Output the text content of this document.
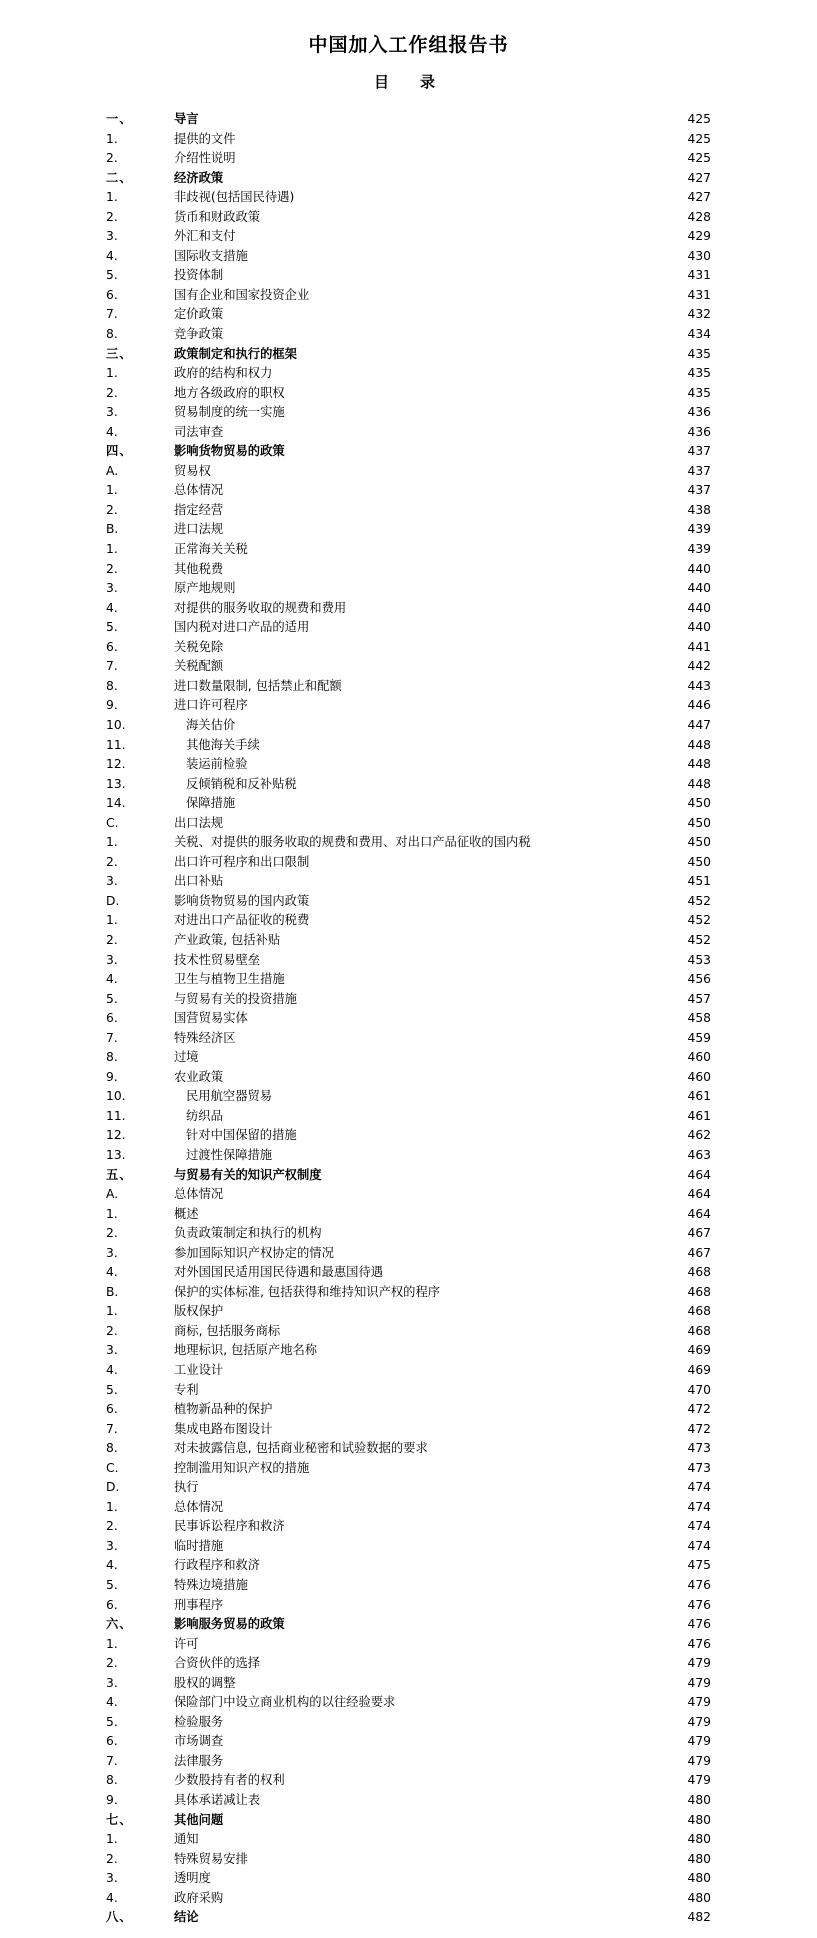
中国加入工作组报告书
目　录
一、	导言	425
1.	提供的文件	425
2.	介绍性说明	425
二、	经济政策	427
1.	非歧视(包括国民待遇)	427
2.	货币和财政政策	428
3.	外汇和支付	429
4.	国际收支措施	430
5.	投资体制	431
6.	国有企业和国家投资企业	431
7.	定价政策	432
8.	竞争政策	434
三、	政策制定和执行的框架	435
1.	政府的结构和权力	435
2.	地方各级政府的职权	435
3.	贸易制度的统一实施	436
4.	司法审查	436
四、	影响货物贸易的政策	437
A.	贸易权	437
1.	总体情况	437
2.	指定经营	438
B.	进口法规	439
1.	正常海关关税	439
2.	其他税费	440
3.	原产地规则	440
4.	对提供的服务收取的规费和费用	440
5.	国内税对进口产品的适用	440
6.	关税免除	441
7.	关税配额	442
8.	进口数量限制, 包括禁止和配额	443
9.	进口许可程序	446
10.	海关估价	447
11.	其他海关手续	448
12.	装运前检验	448
13.	反倾销税和反补贴税	448
14.	保障措施	450
C.	出口法规	450
1.	关税、对提供的服务收取的规费和费用、对出口产品征收的国内税	450
2.	出口许可程序和出口限制	450
3.	出口补贴	451
D.	影响货物贸易的国内政策	452
1.	对进出口产品征收的税费	452
2.	产业政策, 包括补贴	452
3.	技术性贸易壁垒	453
4.	卫生与植物卫生措施	456
5.	与贸易有关的投资措施	457
6.	国营贸易实体	458
7.	特殊经济区	459
8.	过境	460
9.	农业政策	460
10.	民用航空器贸易	461
11.	纺织品	461
12.	针对中国保留的措施	462
13.	过渡性保障措施	463
五、	与贸易有关的知识产权制度	464
A.	总体情况	464
1.	概述	464
2.	负责政策制定和执行的机构	467
3.	参加国际知识产权协定的情况	467
4.	对外国国民适用国民待遇和最惠国待遇	468
B.	保护的实体标准, 包括获得和维持知识产权的程序	468
1.	版权保护	468
2.	商标, 包括服务商标	468
3.	地理标识, 包括原产地名称	469
4.	工业设计	469
5.	专利	470
6.	植物新品种的保护	472
7.	集成电路布图设计	472
8.	对未披露信息, 包括商业秘密和试验数据的要求	473
C.	控制滥用知识产权的措施	473
D.	执行	474
1.	总体情况	474
2.	民事诉讼程序和救济	474
3.	临时措施	474
4.	行政程序和救济	475
5.	特殊边境措施	476
6.	刑事程序	476
六、	影响服务贸易的政策	476
1.	许可	476
2.	合资伙伴的选择	479
3.	股权的调整	479
4.	保险部门中设立商业机构的以往经验要求	479
5.	检验服务	479
6.	市场调查	479
7.	法律服务	479
8.	少数股持有者的权利	479
9.	具体承诺减让表	480
七、	其他问题	480
1.	通知	480
2.	特殊贸易安排	480
3.	透明度	480
4.	政府采购	480
八、	结论	482
